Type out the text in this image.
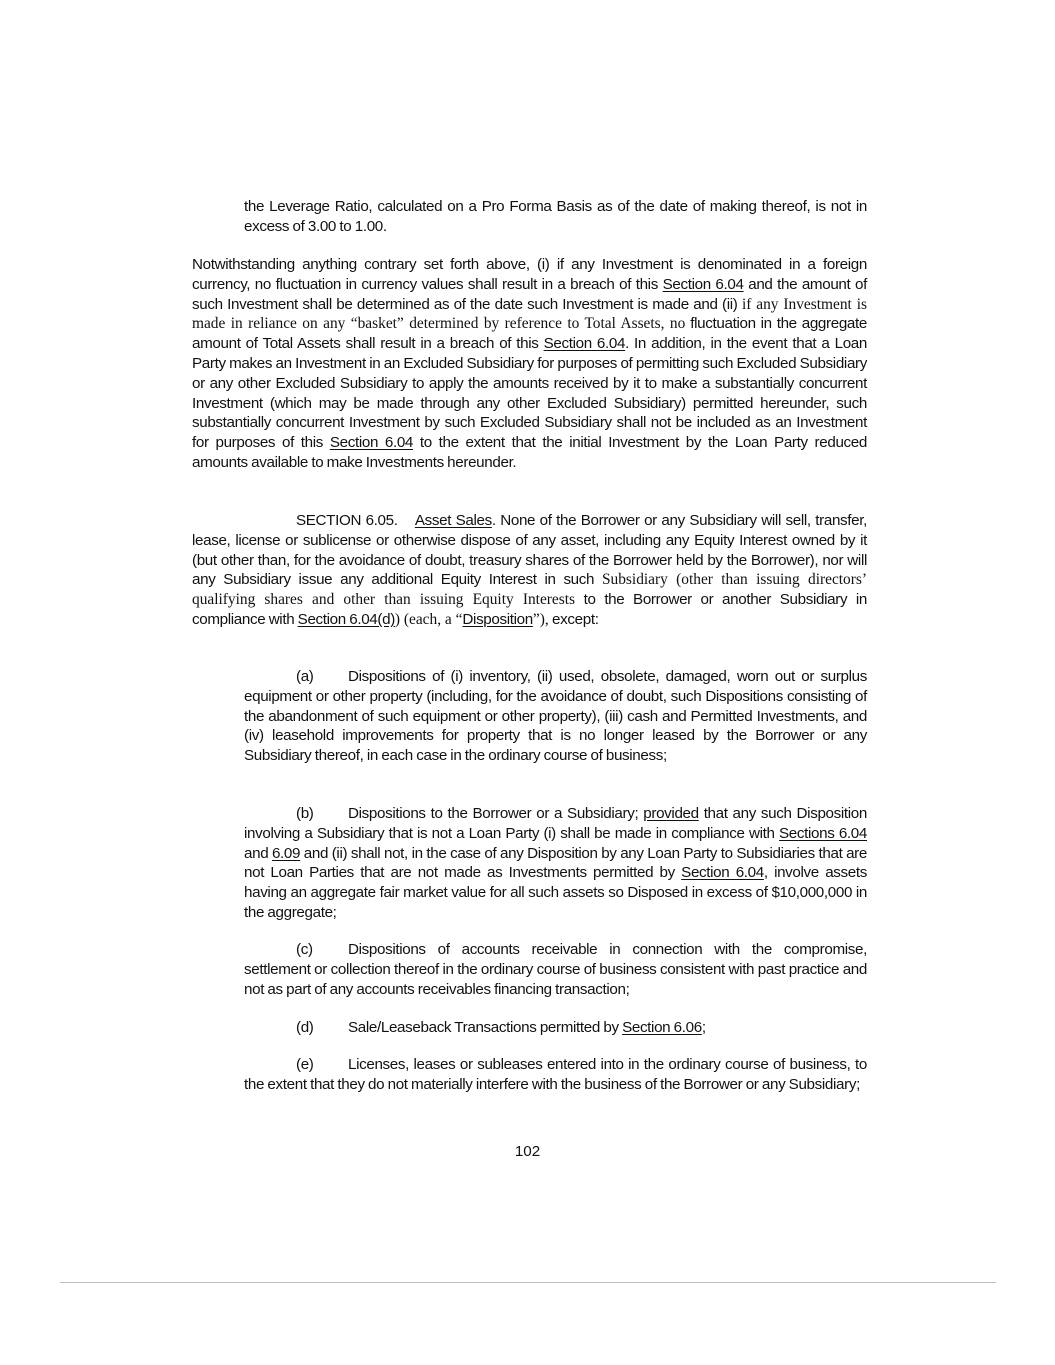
the Leverage Ratio, calculated on a Pro Forma Basis as of the date of making thereof, is not in excess of 3.00 to 1.00.

Notwithstanding anything contrary set forth above, (i) if any Investment is denominated in a foreign currency, no fluctuation in currency values shall result in a breach of this Section 6.04 and the amount of such Investment shall be determined as of the date such Investment is made and (ii) if any Investment is made in reliance on any “basket” determined by reference to Total Assets, no fluctuation in the aggregate amount of Total Assets shall result in a breach of this Section 6.04. In addition, in the event that a Loan Party makes an Investment in an Excluded Subsidiary for purposes of permitting such Excluded Subsidiary or any other Excluded Subsidiary to apply the amounts received by it to make a substantially concurrent Investment (which may be made through any other Excluded Subsidiary) permitted hereunder, such substantially concurrent Investment by such Excluded Subsidiary shall not be included as an Investment for purposes of this Section 6.04 to the extent that the initial Investment by the Loan Party reduced amounts available to make Investments hereunder.

SECTION 6.05. Asset Sales. None of the Borrower or any Subsidiary will sell, transfer, lease, license or sublicense or otherwise dispose of any asset, including any Equity Interest owned by it (but other than, for the avoidance of doubt, treasury shares of the Borrower held by the Borrower), nor will any Subsidiary issue any additional Equity Interest in such Subsidiary (other than issuing directors’ qualifying shares and other than issuing Equity Interests to the Borrower or another Subsidiary in compliance with Section 6.04(d)) (each, a “Disposition”), except:

(a) Dispositions of (i) inventory, (ii) used, obsolete, damaged, worn out or surplus equipment or other property (including, for the avoidance of doubt, such Dispositions consisting of the abandonment of such equipment or other property), (iii) cash and Permitted Investments, and (iv) leasehold improvements for property that is no longer leased by the Borrower or any Subsidiary thereof, in each case in the ordinary course of business;

(b) Dispositions to the Borrower or a Subsidiary; provided that any such Disposition involving a Subsidiary that is not a Loan Party (i) shall be made in compliance with Sections 6.04 and 6.09 and (ii) shall not, in the case of any Disposition by any Loan Party to Subsidiaries that are not Loan Parties that are not made as Investments permitted by Section 6.04, involve assets having an aggregate fair market value for all such assets so Disposed in excess of $10,000,000 in the aggregate;

(c) Dispositions of accounts receivable in connection with the compromise, settlement or collection thereof in the ordinary course of business consistent with past practice and not as part of any accounts receivables financing transaction;

(d) Sale/Leaseback Transactions permitted by Section 6.06;

(e) Licenses, leases or subleases entered into in the ordinary course of business, to the extent that they do not materially interfere with the business of the Borrower or any Subsidiary;

102
